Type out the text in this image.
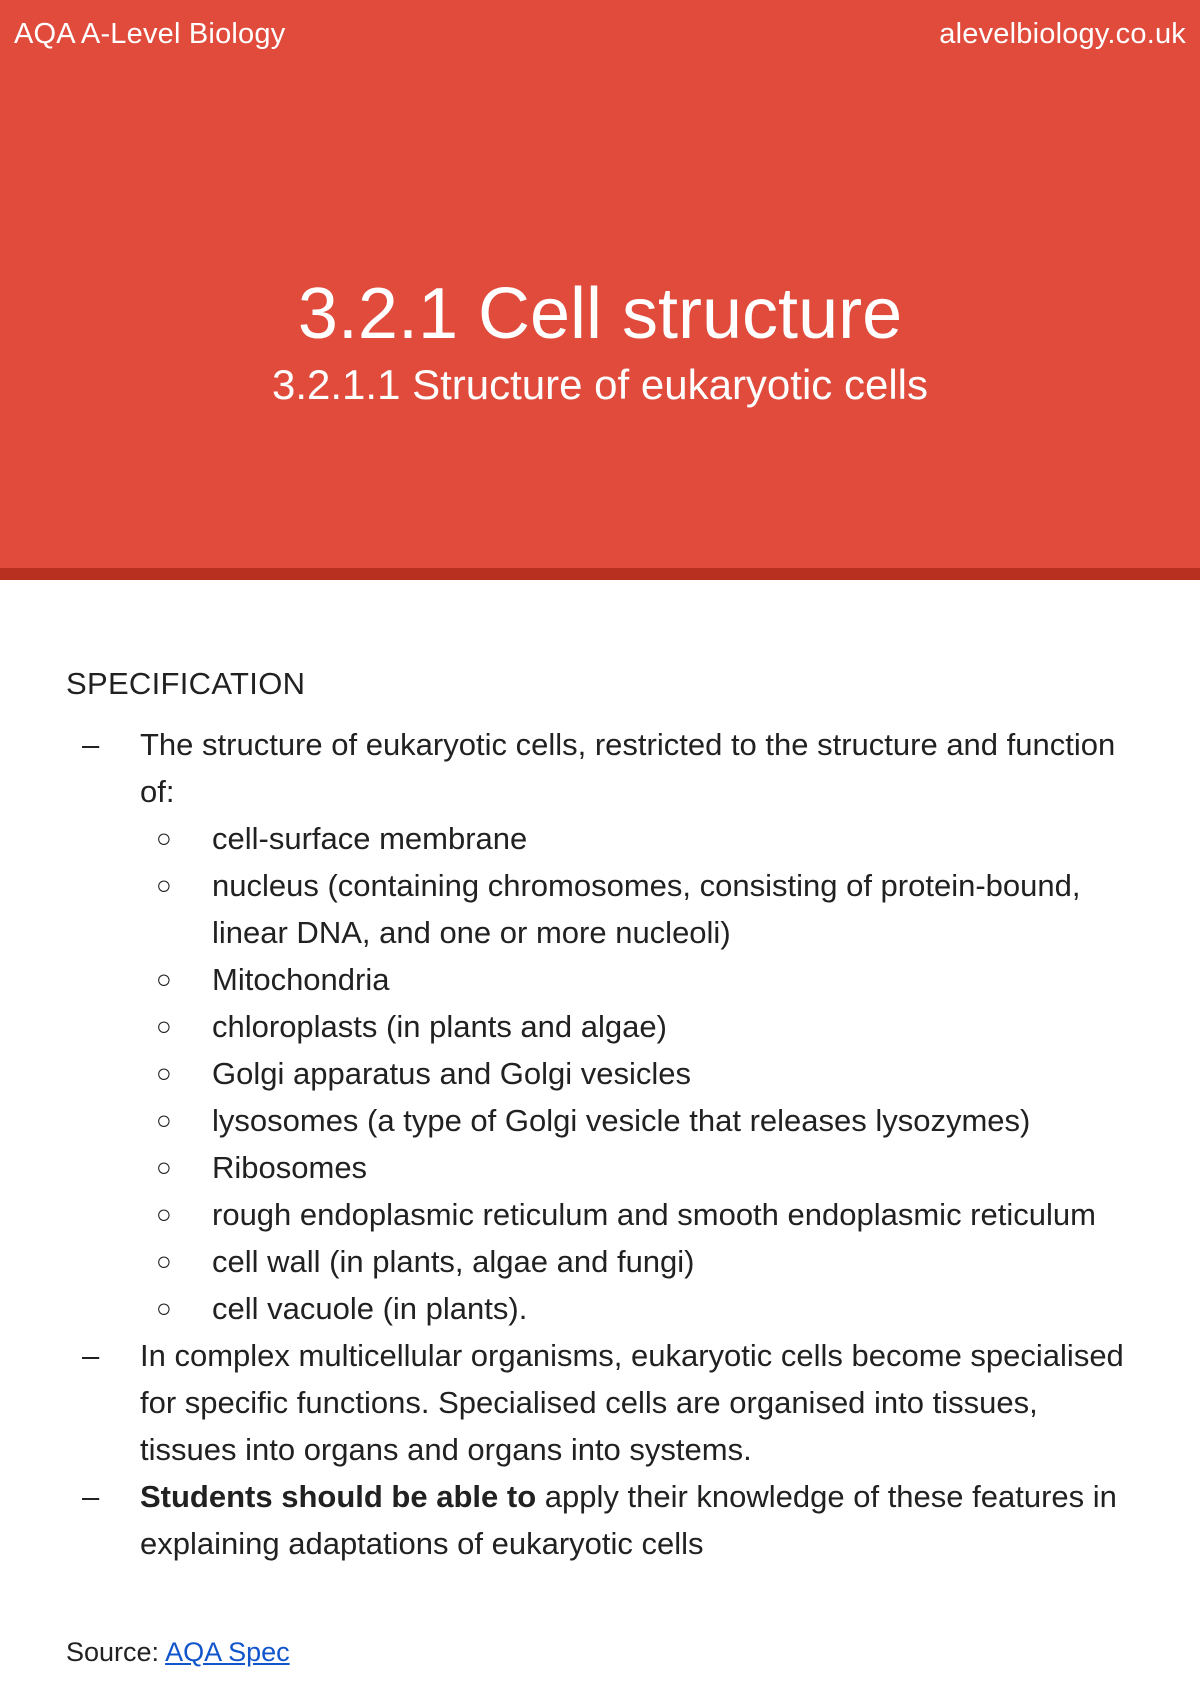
AQA A-Level Biology	alevelbiology.co.uk
3.2.1 Cell structure
3.2.1.1 Structure of eukaryotic cells
SPECIFICATION
– The structure of eukaryotic cells, restricted to the structure and function of:
○ cell-surface membrane
○ nucleus (containing chromosomes, consisting of protein-bound, linear DNA, and one or more nucleoli)
○ Mitochondria
○ chloroplasts (in plants and algae)
○ Golgi apparatus and Golgi vesicles
○ lysosomes (a type of Golgi vesicle that releases lysozymes)
○ Ribosomes
○ rough endoplasmic reticulum and smooth endoplasmic reticulum
○ cell wall (in plants, algae and fungi)
○ cell vacuole (in plants).
– In complex multicellular organisms, eukaryotic cells become specialised for specific functions. Specialised cells are organised into tissues, tissues into organs and organs into systems.
– Students should be able to apply their knowledge of these features in explaining adaptations of eukaryotic cells
Source: AQA Spec
